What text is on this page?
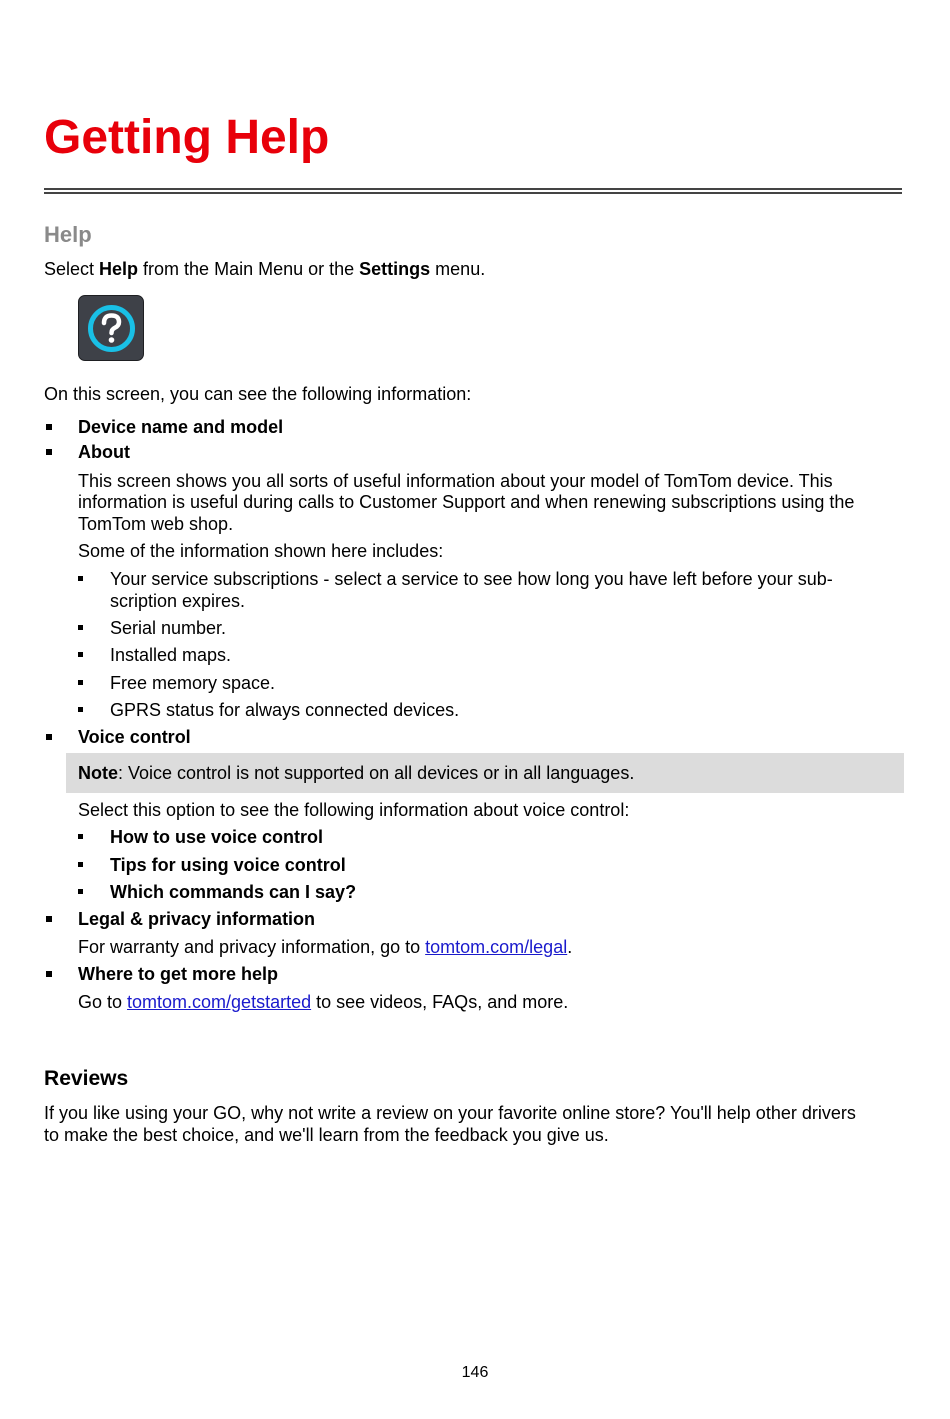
Getting Help
Help

Select Help from the Main Menu or the Settings menu.

On this screen, you can see the following information:

Device name and model

About

This screen shows you all sorts of useful information about your model of TomTom device. This

information is useful during calls to Customer Support and when renewing subscriptions using the

TomTom web shop.

Some of the information shown here includes:

Your service subscriptions - select a service to see how long you have left before your sub-

scription expires.

Serial number.

Installed maps.

Free memory space.

GPRS status for always connected devices.

Voice control

Note: Voice control is not supported on all devices or in all languages.

Select this option to see the following information about voice control:

How to use voice control

Tips for using voice control

Which commands can I say?

Legal & privacy information

For warranty and privacy information, go to tomtom.com/legal.

Where to get more help

Go to tomtom.com/getstarted to see videos, FAQs, and more.

Reviews

If you like using your GO, why not write a review on your favorite online store? You'll help other drivers

to make the best choice, and we'll learn from the feedback you give us.

146
